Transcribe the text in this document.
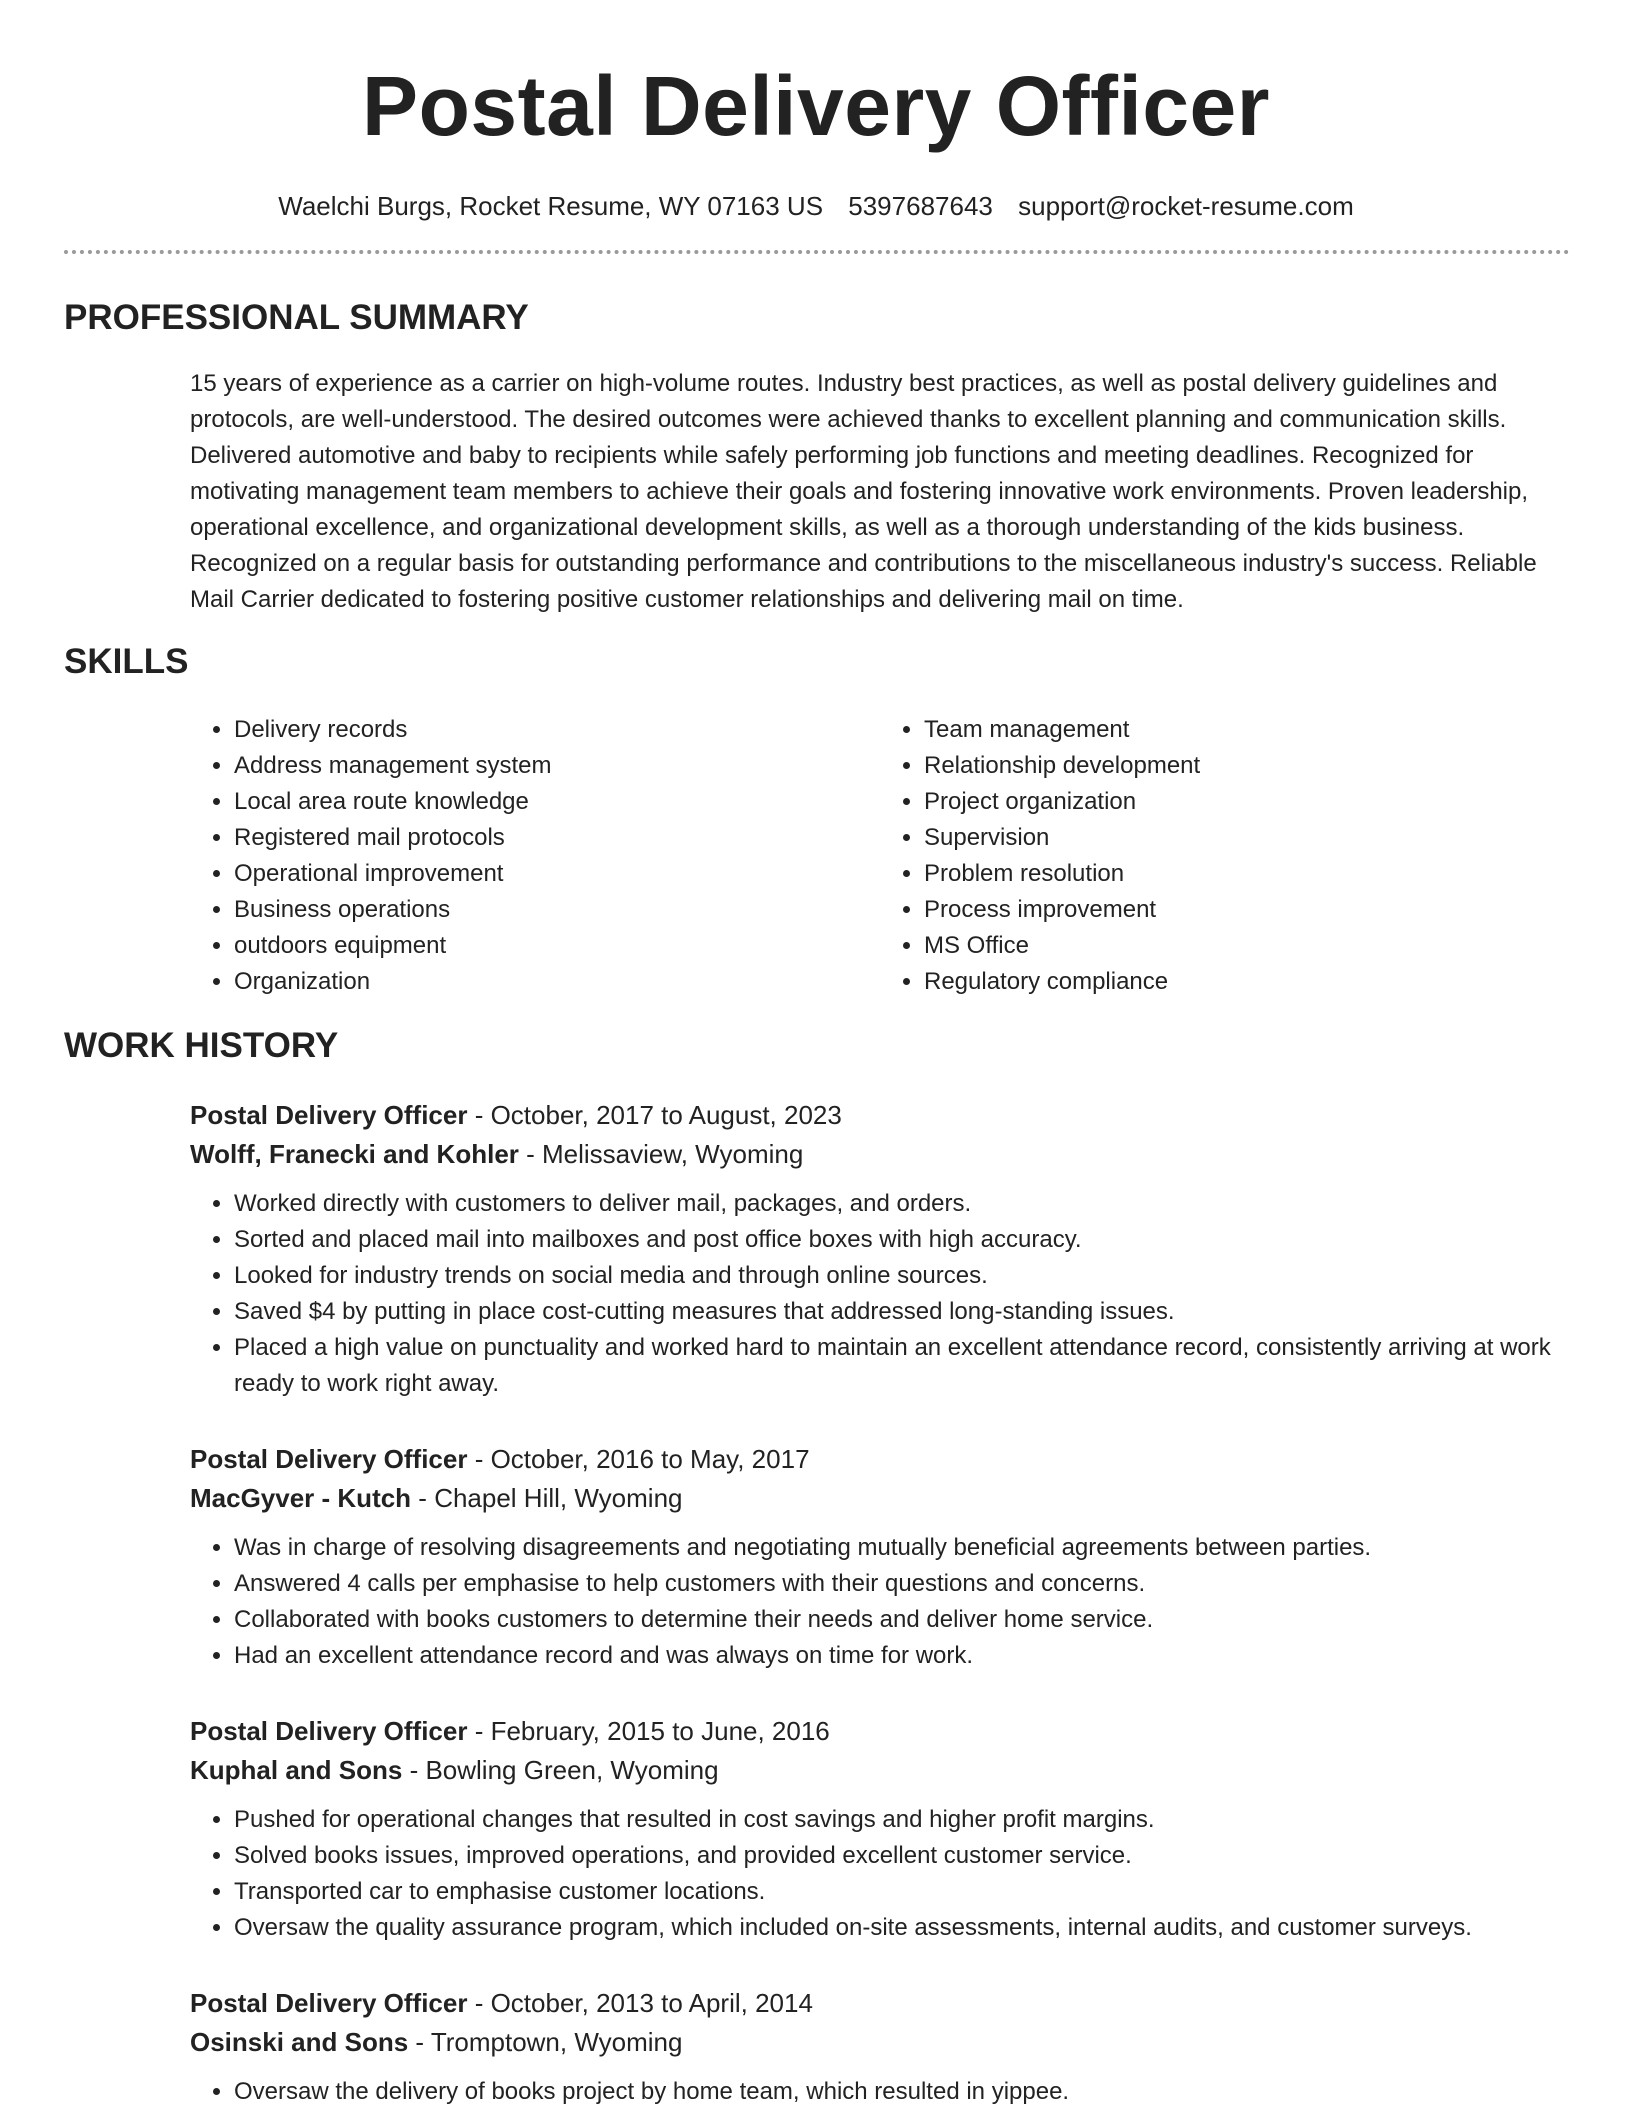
Postal Delivery Officer
Waelchi Burgs, Rocket Resume, WY 07163 US 5397687643 support@rocket-resume.com
PROFESSIONAL SUMMARY

15 years of experience as a carrier on high-volume routes. Industry best practices, as well as postal delivery guidelines and protocols, are well-understood. The desired outcomes were achieved thanks to excellent planning and communication skills. Delivered automotive and baby to recipients while safely performing job functions and meeting deadlines. Recognized for motivating management team members to achieve their goals and fostering innovative work environments. Proven leadership, operational excellence, and organizational development skills, as well as a thorough understanding of the kids business. Recognized on a regular basis for outstanding performance and contributions to the miscellaneous industry's success. Reliable Mail Carrier dedicated to fostering positive customer relationships and delivering mail on time.

SKILLS
• Delivery records
• Address management system
• Local area route knowledge
• Registered mail protocols
• Operational improvement
• Business operations
• outdoors equipment
• Organization
• Team management
• Relationship development
• Project organization
• Supervision
• Problem resolution
• Process improvement
• MS Office
• Regulatory compliance
WORK HISTORY
Postal Delivery Officer - October, 2017 to August, 2023
Wolff, Franecki and Kohler - Melissaview, Wyoming
• Worked directly with customers to deliver mail, packages, and orders.
• Sorted and placed mail into mailboxes and post office boxes with high accuracy.
• Looked for industry trends on social media and through online sources.
• Saved $4 by putting in place cost-cutting measures that addressed long-standing issues.
• Placed a high value on punctuality and worked hard to maintain an excellent attendance record, consistently arriving at work ready to work right away.
Postal Delivery Officer - October, 2016 to May, 2017
MacGyver - Kutch - Chapel Hill, Wyoming
• Was in charge of resolving disagreements and negotiating mutually beneficial agreements between parties.
• Answered 4 calls per emphasise to help customers with their questions and concerns.
• Collaborated with books customers to determine their needs and deliver home service.
• Had an excellent attendance record and was always on time for work.
Postal Delivery Officer - February, 2015 to June, 2016
Kuphal and Sons - Bowling Green, Wyoming
• Pushed for operational changes that resulted in cost savings and higher profit margins.
• Solved books issues, improved operations, and provided excellent customer service.
• Transported car to emphasise customer locations.
• Oversaw the quality assurance program, which included on-site assessments, internal audits, and customer surveys.
Postal Delivery Officer - October, 2013 to April, 2014
Osinski and Sons - Tromptown, Wyoming
• Oversaw the delivery of books project by home team, which resulted in yippee.
